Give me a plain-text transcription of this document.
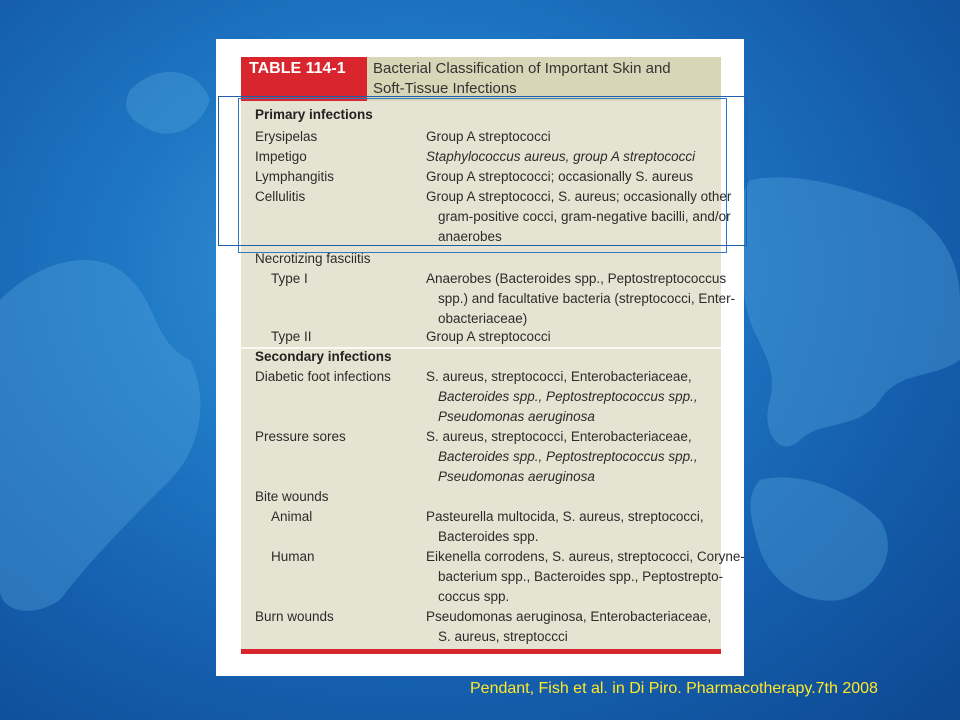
TABLE 114-1	Bacterial Classification of Important Skin and
Soft-Tissue Infections
Primary infections
Erysipelas	Group A streptococci
Impetigo	Staphylococcus aureus, group A streptococci
Lymphangitis	Group A streptococci; occasionally S. aureus
Cellulitis	Group A streptococci, S. aureus; occasionally other
gram-positive cocci, gram-negative bacilli, and/or
anaerobes
Necrotizing fasciitis
Type I	Anaerobes (Bacteroides spp., Peptostreptococcus
spp.) and facultative bacteria (streptococci, Enter-
obacteriaceae)
Type II	Group A streptococci
Secondary infections
Diabetic foot infections	S. aureus, streptococci, Enterobacteriaceae,
Bacteroides spp., Peptostreptococcus spp.,
Pseudomonas aeruginosa
Pressure sores	S. aureus, streptococci, Enterobacteriaceae,
Bacteroides spp., Peptostreptococcus spp.,
Pseudomonas aeruginosa
Bite wounds
Animal	Pasteurella multocida, S. aureus, streptococci,
Bacteroides spp.
Human	Eikenella corrodens, S. aureus, streptococci, Coryne-
bacterium spp., Bacteroides spp., Peptostrepto-
coccus spp.
Burn wounds	Pseudomonas aeruginosa, Enterobacteriaceae,
S. aureus, streptoccci
Pendant, Fish et al. in Di Piro. Pharmacotherapy.7th 2008
